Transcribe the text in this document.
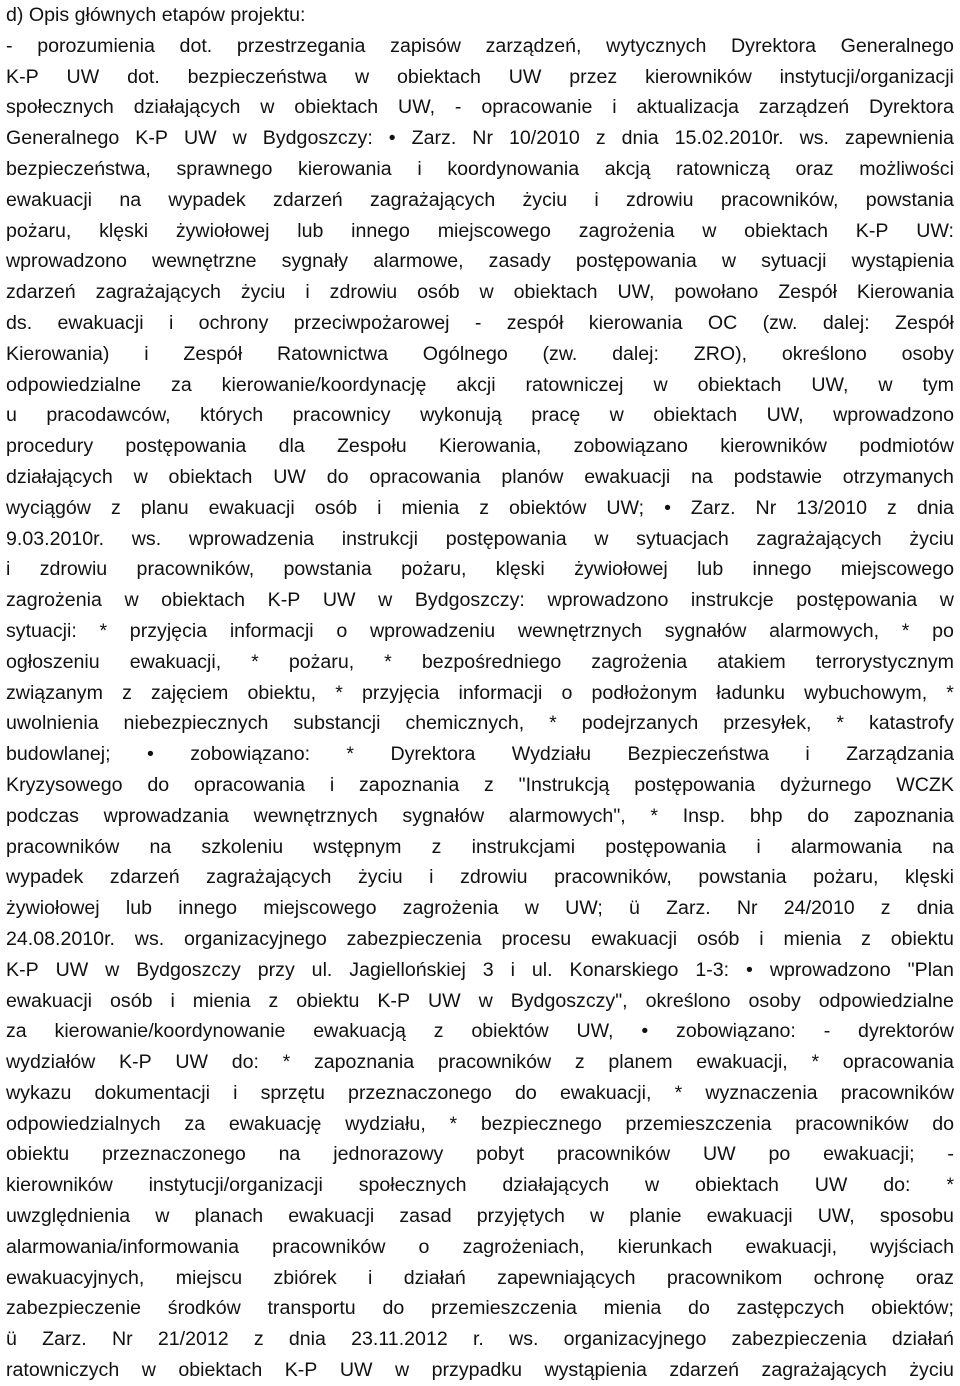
d) Opis głównych etapów projektu:
- porozumienia dot. przestrzegania zapisów zarządzeń, wytycznych Dyrektora Generalnego
K-P UW dot. bezpieczeństwa w obiektach UW przez kierowników instytucji/organizacji
społecznych działających w obiektach UW, - opracowanie i aktualizacja zarządzeń Dyrektora
Generalnego K-P UW w Bydgoszczy: • Zarz. Nr 10/2010 z dnia 15.02.2010r. ws. zapewnienia
bezpieczeństwa, sprawnego kierowania i koordynowania akcją ratowniczą oraz możliwości
ewakuacji na wypadek zdarzeń zagrażających życiu i zdrowiu pracowników, powstania
pożaru, klęski żywiołowej lub innego miejscowego zagrożenia w obiektach K-P UW:
wprowadzono wewnętrzne sygnały alarmowe, zasady postępowania w sytuacji wystąpienia
zdarzeń zagrażających życiu i zdrowiu osób w obiektach UW, powołano Zespół Kierowania
ds. ewakuacji i ochrony przeciwpożarowej - zespół kierowania OC (zw. dalej: Zespół
Kierowania) i Zespół Ratownictwa Ogólnego (zw. dalej: ZRO), określono osoby
odpowiedzialne za kierowanie/koordynację akcji ratowniczej w obiektach UW, w tym
u pracodawców, których pracownicy wykonują pracę w obiektach UW, wprowadzono
procedury postępowania dla Zespołu Kierowania, zobowiązano kierowników podmiotów
działających w obiektach UW do opracowania planów ewakuacji na podstawie otrzymanych
wyciągów z planu ewakuacji osób i mienia z obiektów UW; • Zarz. Nr 13/2010 z dnia
9.03.2010r. ws. wprowadzenia instrukcji postępowania w sytuacjach zagrażających życiu
i zdrowiu pracowników, powstania pożaru, klęski żywiołowej lub innego miejscowego
zagrożenia w obiektach K-P UW w Bydgoszczy: wprowadzono instrukcje postępowania w
sytuacji: * przyjęcia informacji o wprowadzeniu wewnętrznych sygnałów alarmowych, * po
ogłoszeniu ewakuacji, * pożaru, * bezpośredniego zagrożenia atakiem terrorystycznym
związanym z zajęciem obiektu, * przyjęcia informacji o podłożonym ładunku wybuchowym, *
uwolnienia niebezpiecznych substancji chemicznych, * podejrzanych przesyłek, * katastrofy
budowlanej; • zobowiązano: * Dyrektora Wydziału Bezpieczeństwa i Zarządzania
Kryzysowego do opracowania i zapoznania z "Instrukcją postępowania dyżurnego WCZK
podczas wprowadzania wewnętrznych sygnałów alarmowych", * Insp. bhp do zapoznania
pracowników na szkoleniu wstępnym z instrukcjami postępowania i alarmowania na
wypadek zdarzeń zagrażających życiu i zdrowiu pracowników, powstania pożaru, klęski
żywiołowej lub innego miejscowego zagrożenia w UW; ü Zarz. Nr 24/2010 z dnia
24.08.2010r. ws. organizacyjnego zabezpieczenia procesu ewakuacji osób i mienia z obiektu
K-P UW w Bydgoszczy przy ul. Jagiellońskiej 3 i ul. Konarskiego 1-3: • wprowadzono "Plan
ewakuacji osób i mienia z obiektu K-P UW w Bydgoszczy", określono osoby odpowiedzialne
za kierowanie/koordynowanie ewakuacją z obiektów UW, • zobowiązano: - dyrektorów
wydziałów K-P UW do: * zapoznania pracowników z planem ewakuacji, * opracowania
wykazu dokumentacji i sprzętu przeznaczonego do ewakuacji, * wyznaczenia pracowników
odpowiedzialnych za ewakuację wydziału, * bezpiecznego przemieszczenia pracowników do
obiektu przeznaczonego na jednorazowy pobyt pracowników UW po ewakuacji; -
kierowników instytucji/organizacji społecznych działających w obiektach UW do: *
uwzględnienia w planach ewakuacji zasad przyjętych w planie ewakuacji UW, sposobu
alarmowania/informowania pracowników o zagrożeniach, kierunkach ewakuacji, wyjściach
ewakuacyjnych, miejscu zbiórek i działań zapewniających pracownikom ochronę oraz
zabezpieczenie środków transportu do przemieszczenia mienia do zastępczych obiektów;
ü Zarz. Nr 21/2012 z dnia 23.11.2012 r. ws. organizacyjnego zabezpieczenia działań
ratowniczych w obiektach K-P UW w przypadku wystąpienia zdarzeń zagrażających życiu
